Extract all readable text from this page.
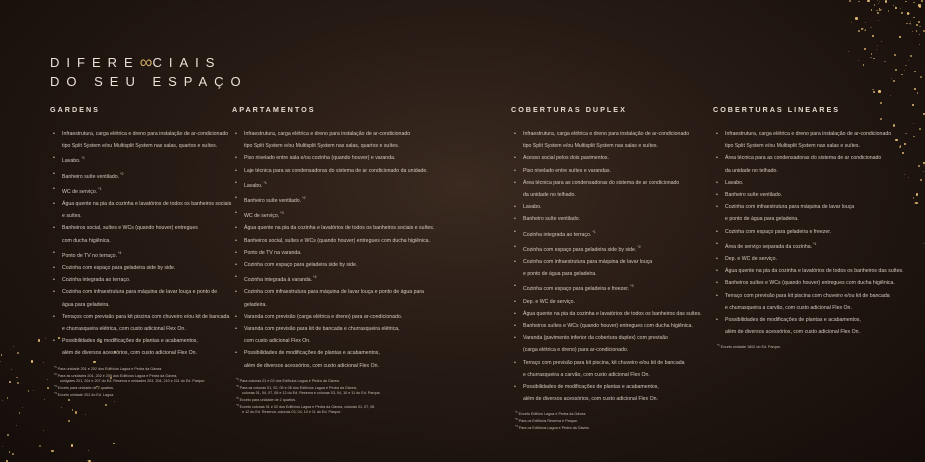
DIFERE∞CIAIS
DO SEU ESPAÇO
GARDENS
• Infraestrutura, carga elétrica e dreno para instalação de ar-condicionado
tipo Split System e/ou Multisplit System nas salas, quartos e suítes.
• Lavabo. $^{*1}$
• Banheiro suíte ventilado. $^{*2}$
• WC de serviço. $^{*1}$
• Água quente na pia da cozinha e lavatórios de todos os banheiros sociais
e suítes.
• Banheiros social, suítes e WCs (quando houver) entregues
com ducha higiênica.
• Ponto de TV no terraço. $^{*4}$
• Cozinha com espaço para geladeira side by side.
• Cozinha integrada ao terraço.
• Cozinha com infraestrutura para máquina de lavar louça e ponto de
água para geladeira.
• Terraços com previsão para kit piscina com chuveiro e/ou kit de bancada
e churrasqueira elétrica, com custo adicional Flex On.
• Possibilidades de modificações de plantas e acabamentos,
além de diversos acessórios, com custo adicional Flex On.
$^{*1}$ Para unidade 201 e 202 dos Edifícios Lagoa e Pedra da Gávea.
$^{*2}$ Para as unidades 201, 202 e 205 dos Edifícios Lagoa e Pedra da Gávea,
unidades 201, 204 e 207 do Ed. Reserva e unidades 203, 204, 210 e 211 do Ed. Parque.
$^{*3}$ Exceto para unidade de 2 quartos.
$^{*4}$ Exceto unidade 202 do Ed. Lagoa.
APARTAMENTOS
• Infraestrutura, carga elétrica e dreno para instalação de ar-condicionado
tipo Split System e/ou Multisplit System nas salas, quartos e suítes.
• Piso nivelado entre sala e/ou cozinha (quando houver) e varanda.
• Laje técnica para as condensadoras do sistema de ar condicionado da unidade.
• Lavabo. $^{*1}$
• Banheiro suíte ventilado. $^{*2}$
• WC de serviço. $^{*3}$
• Água quente na pia da cozinha e lavatórios de todos os banheiros sociais e suítes.
• Banheiros social, suítes e WCs (quando houver) entregues com ducha higiênica.
• Ponto de TV na varanda.
• Cozinha com espaço para geladeira side by side.
• Cozinha integrada à varanda. $^{*4}$
• Cozinha com infraestrutura para máquina de lavar louça e ponto de água para
geladeira.
• Varanda com previsão (carga elétrica e dreno) para ar-condicionado.
• Varanda com previsão para kit de bancada e churrasqueira elétrica,
com custo adicional Flex On.
• Possibilidades de modificações de plantas e acabamentos,
além de diversos acessórios, com custo adicional Flex On.
$^{*1}$ Para colunas 01 e 02 dos Edifícios Lagoa e Pedra da Gávea.
$^{*2}$ Para as colunas 01, 02, 05 e 06 dos Edifícios Lagoa e Pedra da Gávea,
colunas 01, 04, 07, 08 e 12 do Ed. Reserva e colunas 03, 04, 10 e 11 do Ed. Parque.
$^{*3}$ Exceto para unidade de 2 quartos.
$^{*4}$ Exceto colunas 01 e 02 dos Edifícios Lagoa e Pedra da Gávea, colunas 01, 07, 08
e 12 do Ed. Reserva, colunas 03, 04, 10 e 11 do Ed. Parque.
COBERTURAS DUPLEX
• Infraestrutura, carga elétrica e dreno para instalação de ar-condicionado
tipo Split System e/ou Multisplit System nas salas e suítes.
• Acesso social pelos dois pavimentos.
• Piso nivelado entre suítes e varandas.
• Área técnica para as condensadoras do sistema de ar condicionado
da unidade no telhado.
• Lavabo.
• Banheiro suíte ventilado.
• Cozinha integrada ao terraço. $^{*1}$
• Cozinha com espaço para geladeira side by side. $^{*2}$
• Cozinha com infraestrutura para máquina de lavar louça
e ponto de água para geladeira.
• Cozinha com espaço para geladeira e freezer. $^{*3}$
• Dep. e WC de serviço.
• Água quente na pia da cozinha e lavatórios de todos os banheiros das suítes.
• Banheiros suítes e WCs (quando houver) entregues com ducha higiênica.
• Varanda (pavimento inferior da cobertura duplex) com previsão
(carga elétrica e dreno) para ar-condicionado.
• Terraço com previsão para kit piscina, kit chuveiro e/ou kit de bancada
e churrasqueira a carvão, com custo adicional Flex On.
• Possibilidades de modificações de plantas e acabamentos,
além de diversos acessórios, com custo adicional Flex On.
$^{*1}$ Exceto Edifício Lagoa e Pedra da Gávea.
$^{*2}$ Para os Edifícios Reserva e Parque.
$^{*3}$ Para os Edifícios Lagoa e Pedra da Gávea.
COBERTURAS LINEARES
• Infraestrutura, carga elétrica e dreno para instalação de ar-condicionado
tipo Split System e/ou Multisplit System nas salas e suítes.
• Área técnica para as condensadoras do sistema de ar condicionado
da unidade no telhado.
• Lavabo.
• Banheiro suíte ventilado.
• Cozinha com infraestrutura para máquina de lavar louça
e ponto de água para geladeira.
• Cozinha com espaço para geladeira e freezer.
• Área de serviço separada da cozinha. $^{*1}$
• Dep. e WC de serviço.
• Água quente na pia da cozinha e lavatórios de todos os banheiros das suítes.
• Banheiros suítes e WCs (quando houver) entregues com ducha higiênica.
• Terraço com previsão para kit piscina com chuveiro e/ou kit de bancada
e churrasqueira a carvão, com custo adicional Flex On.
• Possibilidades de modificações de plantas e acabamentos,
além de diversos acessórios, com custo adicional Flex On.
$^{*1}$ Exceto unidade 1802 do Ed. Parque.
